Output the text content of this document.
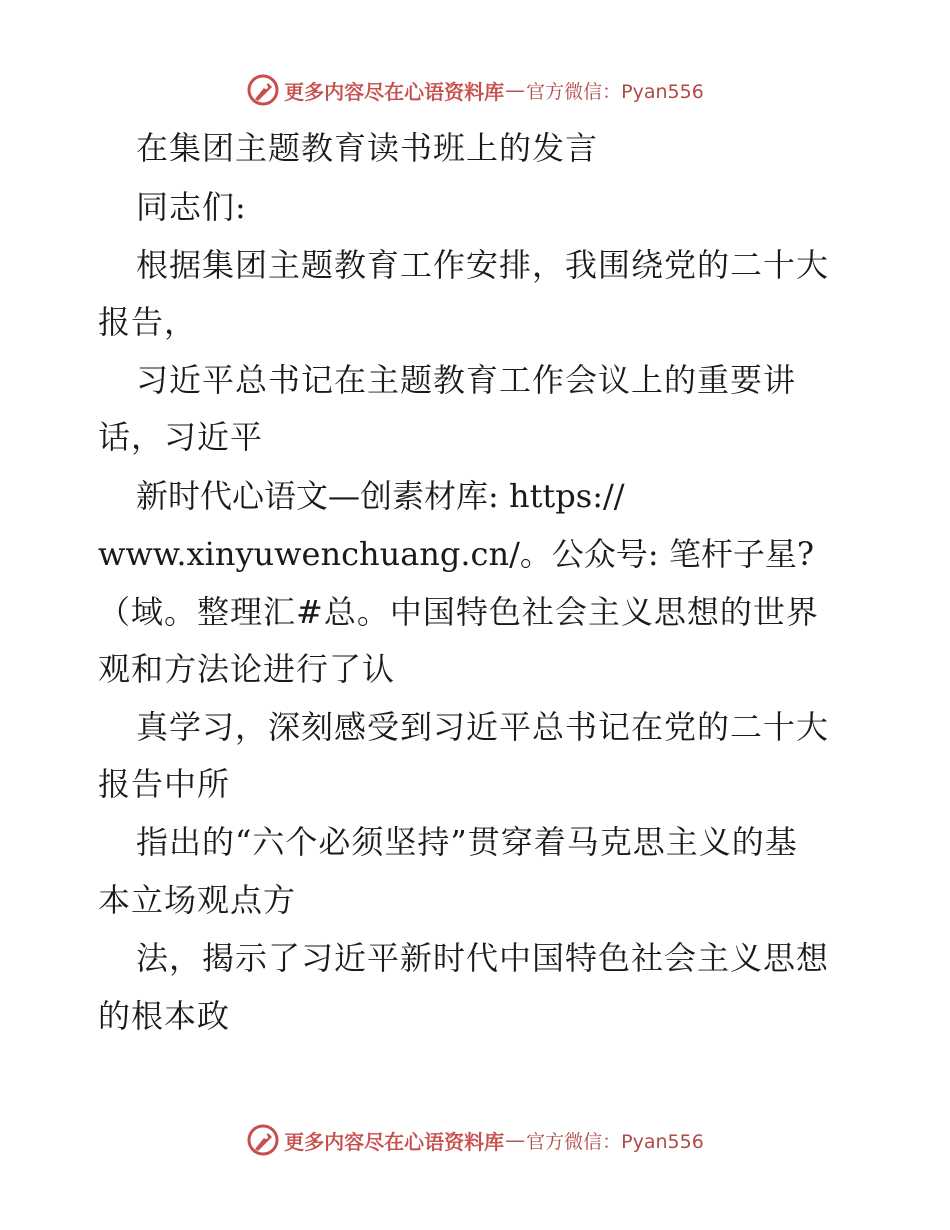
更多内容尽在心语资料库 — 官方微信：Pyan556
在集团主题教育读书班上的发言
同志们:
根据集团主题教育工作安排，我围绕党的二十大
报告，
习近平总书记在主题教育工作会议上的重要讲
话，习近平
新时代心语文—创素材库: https://
www.xinyuwenchuang.cn/。公众号: 笔杆子星?
（域。整理汇#总。中国特色社会主义思想的世界
观和方法论进行了认
真学习，深刻感受到习近平总书记在党的二十大
报告中所
指出的“六个必须坚持”贯穿着马克思主义的基
本立场观点方
法，揭示了习近平新时代中国特色社会主义思想
的根本政
更多内容尽在心语资料库 — 官方微信：Pyan556
